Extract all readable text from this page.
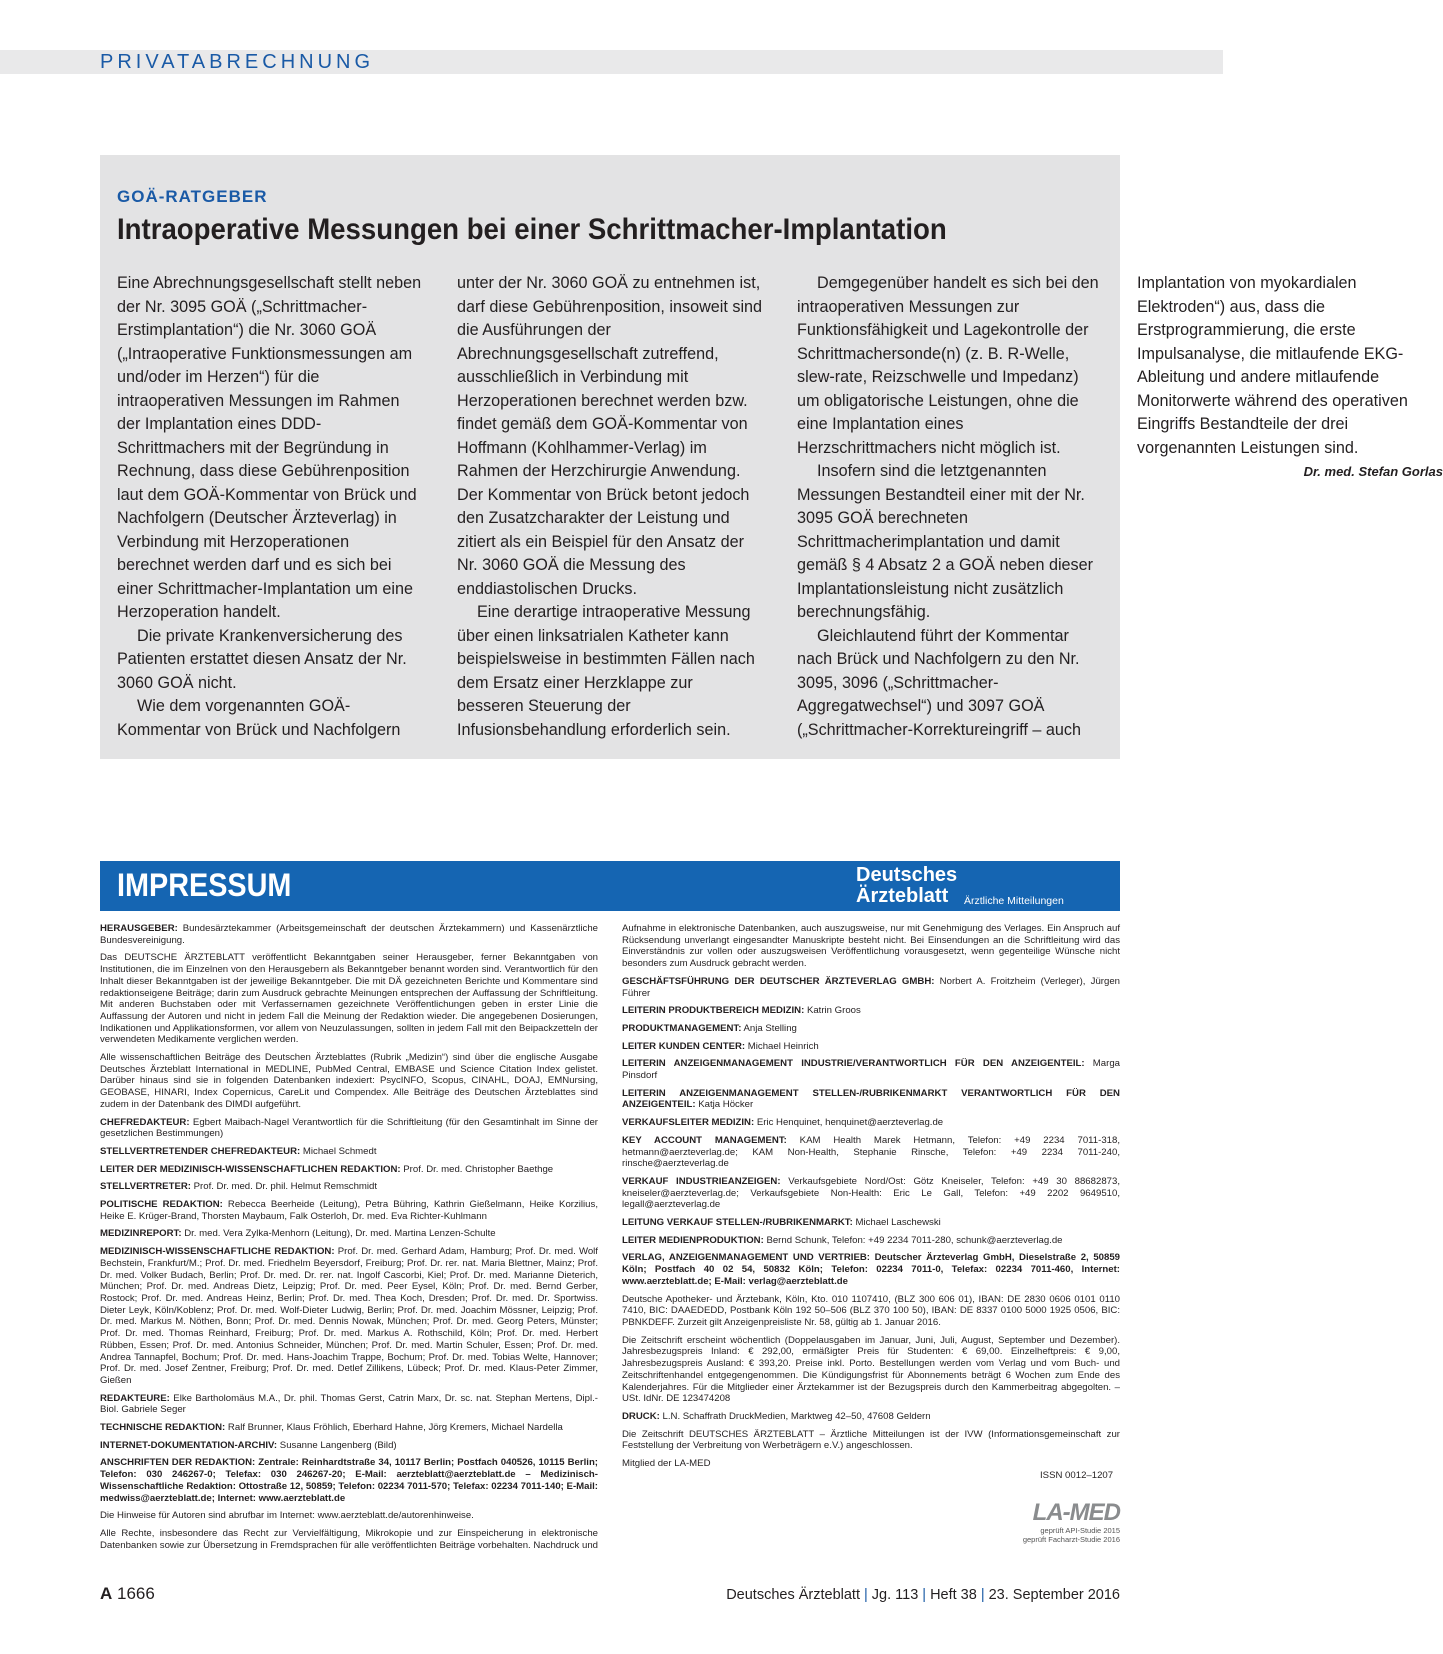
PRIVATABRECHNUNG
GOÄ-RATGEBER
Intraoperative Messungen bei einer Schrittmacher-Implantation

Eine Abrechnungsgesellschaft stellt neben der Nr. 3095 GOÄ („Schrittmacher-Erstimplantation“) die Nr. 3060 GOÄ („Intraoperative Funktionsmessungen am und/oder im Herzen“) für die intraoperativen Messungen im Rahmen der Implantation eines DDD-Schrittmachers mit der Begründung in Rechnung, dass diese Gebührenposition laut dem GOÄ-Kommentar von Brück und Nachfolgern (Deutscher Ärzteverlag) in Verbindung mit Herzoperationen berechnet werden darf und es sich bei einer Schrittmacher-Implantation um eine Herzoperation handelt.

Die private Krankenversicherung des Patienten erstattet diesen Ansatz der Nr. 3060 GOÄ nicht.

Wie dem vorgenannten GOÄ-Kommentar von Brück und Nachfolgern unter der Nr. 3060 GOÄ zu entnehmen ist, darf diese Gebührenposition, insoweit sind die Ausführungen der Abrechnungsgesellschaft zutreffend, ausschließlich in Verbindung mit Herzoperationen berechnet werden bzw. findet gemäß dem GOÄ-Kommentar von Hoffmann (Kohlhammer-Verlag) im Rahmen der Herzchirurgie Anwendung. Der Kommentar von Brück betont jedoch den Zusatzcharakter der Leistung und zitiert als ein Beispiel für den Ansatz der Nr. 3060 GOÄ die Messung des enddiastolischen Drucks.

Eine derartige intraoperative Messung über einen linksatrialen Katheter kann beispielsweise in bestimmten Fällen nach dem Ersatz einer Herzklappe zur besseren Steuerung der Infusionsbehandlung erforderlich sein.

Demgegenüber handelt es sich bei den intraoperativen Messungen zur Funktionsfähigkeit und Lagekontrolle der Schrittmachersonde(n) (z. B. R-Welle, slew-rate, Reizschwelle und Impedanz) um obligatorische Leistungen, ohne die eine Implantation eines Herzschrittmachers nicht möglich ist.

Insofern sind die letztgenannten Messungen Bestandteil einer mit der Nr. 3095 GOÄ berechneten Schrittmacherimplantation und damit gemäß § 4 Absatz 2 a GOÄ neben dieser Implantationsleistung nicht zusätzlich berechnungsfähig.

Gleichlautend führt der Kommentar nach Brück und Nachfolgern zu den Nr. 3095, 3096 („Schrittmacher-Aggregatwechsel“) und 3097 GOÄ („Schrittmacher-Korrektureingriff – auch Implantation von myokardialen Elektroden“) aus, dass die Erstprogrammierung, die erste Impulsanalyse, die mitlaufende EKG-Ableitung und andere mitlaufende Monitorwerte während des operativen Eingriffs Bestandteile der drei vorgenannten Leistungen sind.
Dr. med. Stefan Gorlas

IMPRESSUM	Deutsches
Ärzteblatt Ärztliche Mitteilungen

HERAUSGEBER: Bundesärztekammer (Arbeitsgemeinschaft der deutschen Ärztekammern) und Kassenärztliche Bundesvereinigung.

Das DEUTSCHE ÄRZTEBLATT veröffentlicht Bekanntgaben seiner Herausgeber, ferner Bekanntgaben von Institutionen, die im Einzelnen von den Herausgebern als Bekanntgeber benannt worden sind. Verantwortlich für den Inhalt dieser Bekanntgaben ist der jeweilige Bekanntgeber. Die mit DÄ gezeichneten Berichte und Kommentare sind redaktionseigene Beiträge; darin zum Ausdruck gebrachte Meinungen entsprechen der Auffassung der Schriftleitung. Mit anderen Buchstaben oder mit Verfassernamen gezeichnete Veröffentlichungen geben in erster Linie die Auffassung der Autoren und nicht in jedem Fall die Meinung der Redaktion wieder. Die angegebenen Dosierungen, Indikationen und Applikationsformen, vor allem von Neuzulassungen, sollten in jedem Fall mit den Beipackzetteln der verwendeten Medikamente verglichen werden.

Alle wissenschaftlichen Beiträge des Deutschen Ärzteblattes (Rubrik „Medizin“) sind über die englische Ausgabe Deutsches Ärzteblatt International in MEDLINE, PubMed Central, EMBASE und Science Citation Index gelistet. Darüber hinaus sind sie in folgenden Datenbanken indexiert: PsycINFO, Scopus, CINAHL, DOAJ, EMNursing, GEOBASE, HINARI, Index Copernicus, CareLit und Compendex. Alle Beiträge des Deutschen Ärzteblattes sind zudem in der Datenbank des DIMDI aufgeführt.

CHEFREDAKTEUR: Egbert Maibach-Nagel Verantwortlich für die Schriftleitung (für den Gesamtinhalt im Sinne der gesetzlichen Bestimmungen)

STELLVERTRETENDER CHEFREDAKTEUR: Michael Schmedt

LEITER DER MEDIZINISCH-WISSENSCHAFTLICHEN REDAKTION: Prof. Dr. med. Christopher Baethge

STELLVERTRETER: Prof. Dr. med. Dr. phil. Helmut Remschmidt

POLITISCHE REDAKTION: Rebecca Beerheide (Leitung), Petra Bühring, Kathrin Gießelmann, Heike Korzilius, Heike E. Krüger-Brand, Thorsten Maybaum, Falk Osterloh, Dr. med. Eva Richter-Kuhlmann

MEDIZINREPORT: Dr. med. Vera Zylka-Menhorn (Leitung), Dr. med. Martina Lenzen-Schulte

MEDIZINISCH-WISSENSCHAFTLICHE REDAKTION: Prof. Dr. med. Gerhard Adam, Hamburg; Prof. Dr. med. Wolf Bechstein, Frankfurt/M.; Prof. Dr. med. Friedhelm Beyersdorf, Freiburg; Prof. Dr. rer. nat. Maria Blettner, Mainz; Prof. Dr. med. Volker Budach, Berlin; Prof. Dr. med. Dr. rer. nat. Ingolf Cascorbi, Kiel; Prof. Dr. med. Marianne Dieterich, München; Prof. Dr. med. Andreas Dietz, Leipzig; Prof. Dr. med. Peer Eysel, Köln; Prof. Dr. med. Bernd Gerber, Rostock; Prof. Dr. med. Andreas Heinz, Berlin; Prof. Dr. med. Thea Koch, Dresden; Prof. Dr. med. Dr. Sportwiss. Dieter Leyk, Köln/Koblenz; Prof. Dr. med. Wolf-Dieter Ludwig, Berlin; Prof. Dr. med. Joachim Mössner, Leipzig; Prof. Dr. med. Markus M. Nöthen, Bonn; Prof. Dr. med. Dennis Nowak, München; Prof. Dr. med. Georg Peters, Münster; Prof. Dr. med. Thomas Reinhard, Freiburg; Prof. Dr. med. Markus A. Rothschild, Köln; Prof. Dr. med. Herbert Rübben, Essen; Prof. Dr. med. Antonius Schneider, München; Prof. Dr. med. Martin Schuler, Essen; Prof. Dr. med. Andrea Tannapfel, Bochum; Prof. Dr. med. Hans-Joachim Trappe, Bochum; Prof. Dr. med. Tobias Welte, Hannover; Prof. Dr. med. Josef Zentner, Freiburg; Prof. Dr. med. Detlef Zillikens, Lübeck; Prof. Dr. med. Klaus-Peter Zimmer, Gießen

REDAKTEURE: Elke Bartholomäus M.A., Dr. phil. Thomas Gerst, Catrin Marx, Dr. sc. nat. Stephan Mertens, Dipl.-Biol. Gabriele Seger

TECHNISCHE REDAKTION: Ralf Brunner, Klaus Fröhlich, Eberhard Hahne, Jörg Kremers, Michael Nardella

INTERNET-DOKUMENTATION-ARCHIV: Susanne Langenberg (Bild)

ANSCHRIFTEN DER REDAKTION: Zentrale: Reinhardtstraße 34, 10117 Berlin; Postfach 040526, 10115 Berlin; Telefon: 030 246267-0; Telefax: 030 246267-20; E-Mail: aerzteblatt@aerzteblatt.de – Medizinisch-Wissenschaftliche Redaktion: Ottostraße 12, 50859; Telefon: 02234 7011-570; Telefax: 02234 7011-140; E-Mail: medwiss@aerzteblatt.de; Internet: www.aerzteblatt.de

Die Hinweise für Autoren sind abrufbar im Internet: www.aerzteblatt.de/autorenhinweise.

Alle Rechte, insbesondere das Recht zur Vervielfältigung, Mikrokopie und zur Einspeicherung in elektronische Datenbanken sowie zur Übersetzung in Fremdsprachen für alle veröffentlichten Beiträge vorbehalten. Nachdruck und Aufnahme in elektronische Datenbanken, auch auszugsweise, nur mit Genehmigung des Verlages. Ein Anspruch auf Rücksendung unverlangt eingesandter Manuskripte besteht nicht. Bei Einsendungen an die Schriftleitung wird das Einverständnis zur vollen oder auszugsweisen Veröffentlichung vorausgesetzt, wenn gegenteilige Wünsche nicht besonders zum Ausdruck gebracht werden.

GESCHÄFTSFÜHRUNG DER DEUTSCHER ÄRZTEVERLAG GMBH: Norbert A. Froitzheim (Verleger), Jürgen Führer

LEITERIN PRODUKTBEREICH MEDIZIN: Katrin Groos

PRODUKTMANAGEMENT: Anja Stelling

LEITER KUNDEN CENTER: Michael Heinrich

LEITERIN ANZEIGENMANAGEMENT INDUSTRIE/VERANTWORTLICH FÜR DEN ANZEIGENTEIL: Marga Pinsdorf

LEITERIN ANZEIGENMANAGEMENT STELLEN-/RUBRIKENMARKT VERANTWORTLICH FÜR DEN ANZEIGENTEIL: Katja Höcker

VERKAUFSLEITER MEDIZIN: Eric Henquinet, henquinet@aerzteverlag.de

KEY ACCOUNT MANAGEMENT: KAM Health Marek Hetmann, Telefon: +49 2234 7011-318, hetmann@aerzteverlag.de; KAM Non-Health, Stephanie Rinsche, Telefon: +49 2234 7011-240, rinsche@aerzteverlag.de

VERKAUF INDUSTRIEANZEIGEN: Verkaufsgebiete Nord/Ost: Götz Kneiseler, Telefon: +49 30 88682873, kneiseler@aerzteverlag.de; Verkaufsgebiete Non-Health: Eric Le Gall, Telefon: +49 2202 9649510, legall@aerzteverlag.de

LEITUNG VERKAUF STELLEN-/RUBRIKENMARKT: Michael Laschewski

LEITER MEDIENPRODUKTION: Bernd Schunk, Telefon: +49 2234 7011-280, schunk@aerzteverlag.de

VERLAG, ANZEIGENMANAGEMENT UND VERTRIEB: Deutscher Ärzteverlag GmbH, Dieselstraße 2, 50859 Köln; Postfach 40 02 54, 50832 Köln; Telefon: 02234 7011-0, Telefax: 02234 7011-460, Internet: www.aerzteblatt.de; E-Mail: verlag@aerzteblatt.de

Deutsche Apotheker- und Ärztebank, Köln, Kto. 010 1107410, (BLZ 300 606 01), IBAN: DE 2830 0606 0101 0110 7410, BIC: DAAEDEDD, Postbank Köln 192 50–506 (BLZ 370 100 50), IBAN: DE 8337 0100 5000 1925 0506, BIC: PBNKDEFF. Zurzeit gilt Anzeigenpreisliste Nr. 58, gültig ab 1. Januar 2016.

Die Zeitschrift erscheint wöchentlich (Doppelausgaben im Januar, Juni, Juli, August, September und Dezember). Jahresbezugspreis Inland: € 292,00, ermäßigter Preis für Studenten: € 69,00. Einzelheftpreis: € 9,00, Jahresbezugspreis Ausland: € 393,20. Preise inkl. Porto. Bestellungen werden vom Verlag und vom Buch- und Zeitschriftenhandel entgegengenommen. Die Kündigungsfrist für Abonnements beträgt 6 Wochen zum Ende des Kalenderjahres. Für die Mitglieder einer Ärztekammer ist der Bezugspreis durch den Kammerbeitrag abgegolten. – USt. IdNr. DE 123474208

DRUCK: L.N. Schaffrath DruckMedien, Marktweg 42–50, 47608 Geldern

Die Zeitschrift DEUTSCHES ÄRZTEBLATT – Ärztliche Mitteilungen ist der IVW (Informationsgemeinschaft zur Feststellung der Verbreitung von Werbeträgern e.V.) angeschlossen.

Mitglied der LA-MED

ISSN 0012–1207
LA-MED
geprüft API-Studie 2015
geprüft Facharzt-Studie 2016
A 1666	Deutsches Ärzteblatt | Jg. 113 | Heft 38 | 23. September 2016
